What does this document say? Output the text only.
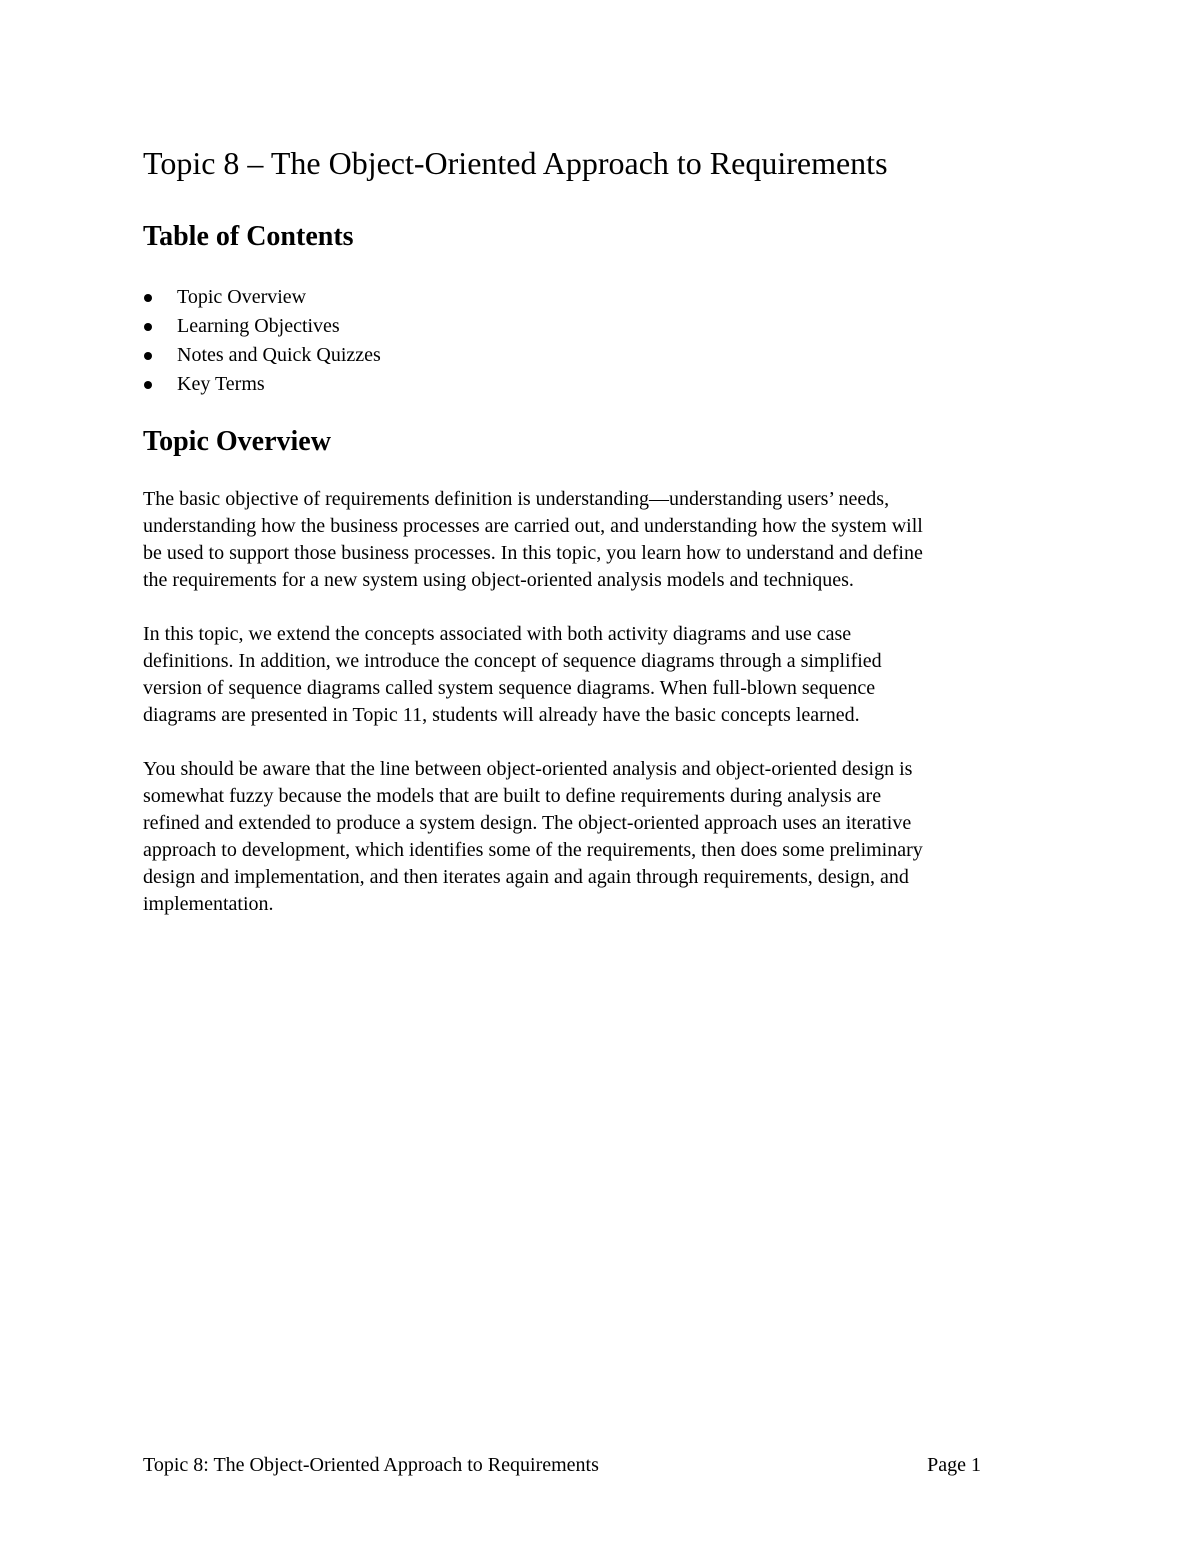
Topic 8 – The Object-Oriented Approach to Requirements
Table of Contents
Topic Overview
Learning Objectives
Notes and Quick Quizzes
Key Terms
Topic Overview

The basic objective of requirements definition is understanding—understanding users’ needs,
understanding how the business processes are carried out, and understanding how the system will
be used to support those business processes. In this topic, you learn how to understand and define
the requirements for a new system using object-oriented analysis models and techniques.

In this topic, we extend the concepts associated with both activity diagrams and use case
definitions. In addition, we introduce the concept of sequence diagrams through a simplified
version of sequence diagrams called system sequence diagrams. When full-blown sequence
diagrams are presented in Topic 11, students will already have the basic concepts learned.

You should be aware that the line between object-oriented analysis and object-oriented design is
somewhat fuzzy because the models that are built to define requirements during analysis are
refined and extended to produce a system design. The object-oriented approach uses an iterative
approach to development, which identifies some of the requirements, then does some preliminary
design and implementation, and then iterates again and again through requirements, design, and
implementation.

Topic 8: The Object-Oriented Approach to Requirements	Page 1
